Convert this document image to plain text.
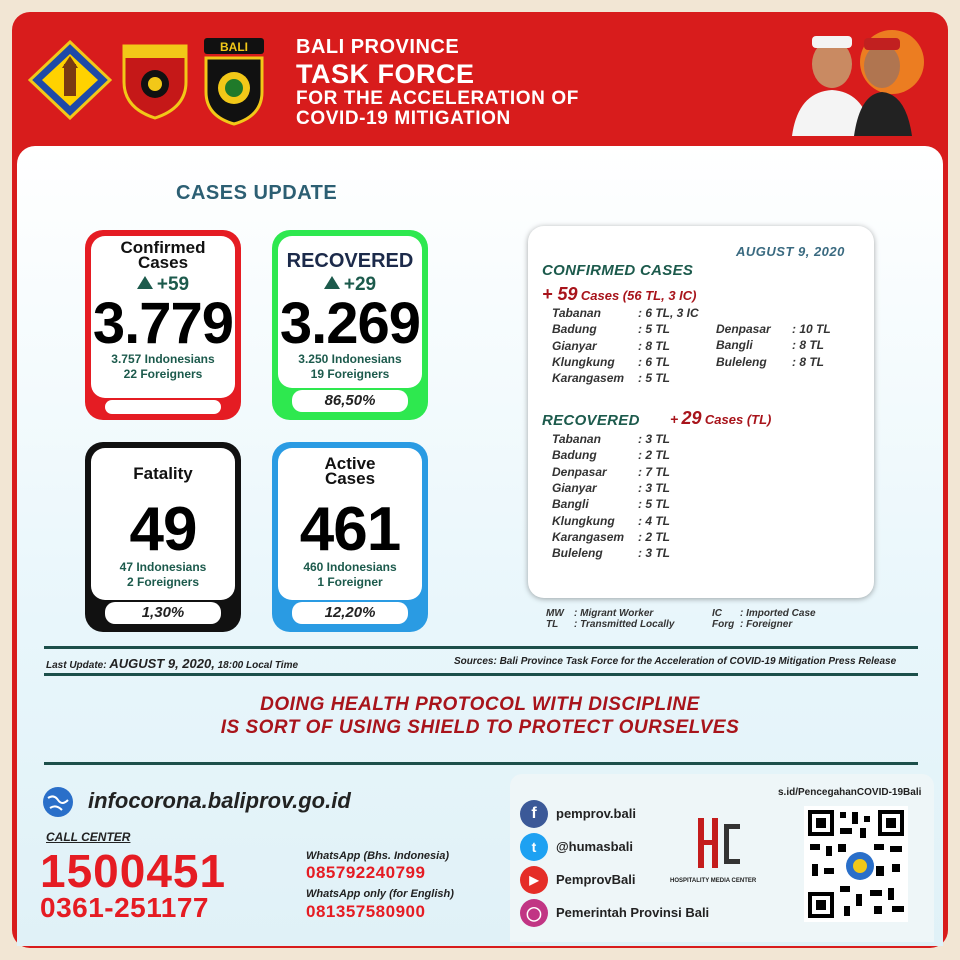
BALI BALI PROVINCE
TASK FORCE
FOR THE ACCELERATION OF
COVID-19 MITIGATION
CASES UPDATE
Confirmed
Cases
+59
3.779
3.757 Indonesians
22 Foreigners
RECOVERED
+29
3.269
3.250 Indonesians
19 Foreigners
86,50%
Fatality
49
47 Indonesians
2 Foreigners
1,30%
Active
Cases
461
460 Indonesians
1 Foreigner
12,20%
AUGUST 9, 2020
CONFIRMED CASES
+ 59 Cases (56 TL, 3 IC)
Tabanan	: 6 TL, 3 IC
Badung	: 5 TL
Gianyar	: 8 TL
Klungkung : 6 TL
Karangasem : 5 TL
Denpasar : 10 TL
Bangli	: 8 TL
Buleleng : 8 TL
RECOVERED + 29 Cases (TL)
Tabanan	: 3 TL
Badung	: 2 TL
Denpasar	: 7 TL
Gianyar	: 3 TL
Bangli	: 5 TL
Klungkung : 4 TL
Karangasem : 2 TL
Buleleng	: 3 TL
MW : Migrant Worker
TL : Transmitted Locally
IC : Imported Case
Forg : Foreigner
Last Update: AUGUST 9, 2020, 18:00 Local Time	Sources: Bali Province Task Force for the Acceleration of COVID-19 Mitigation Press Release
DOING HEALTH PROTOCOL WITH DISCIPLINE
IS SORT OF USING SHIELD TO PROTECT OURSELVES
infocorona.baliprov.go.id
CALL CENTER
1500451
0361-251177
WhatsApp (Bhs. Indonesia)
085792240799
WhatsApp only (for English)
081357580900
s.id/PencegahanCOVID-19Bali
f	pemprov.bali
t	@humasbali
▶	PemprovBali
◯	Pemerintah Provinsi Bali
HOSPITALITY MEDIA CENTER
